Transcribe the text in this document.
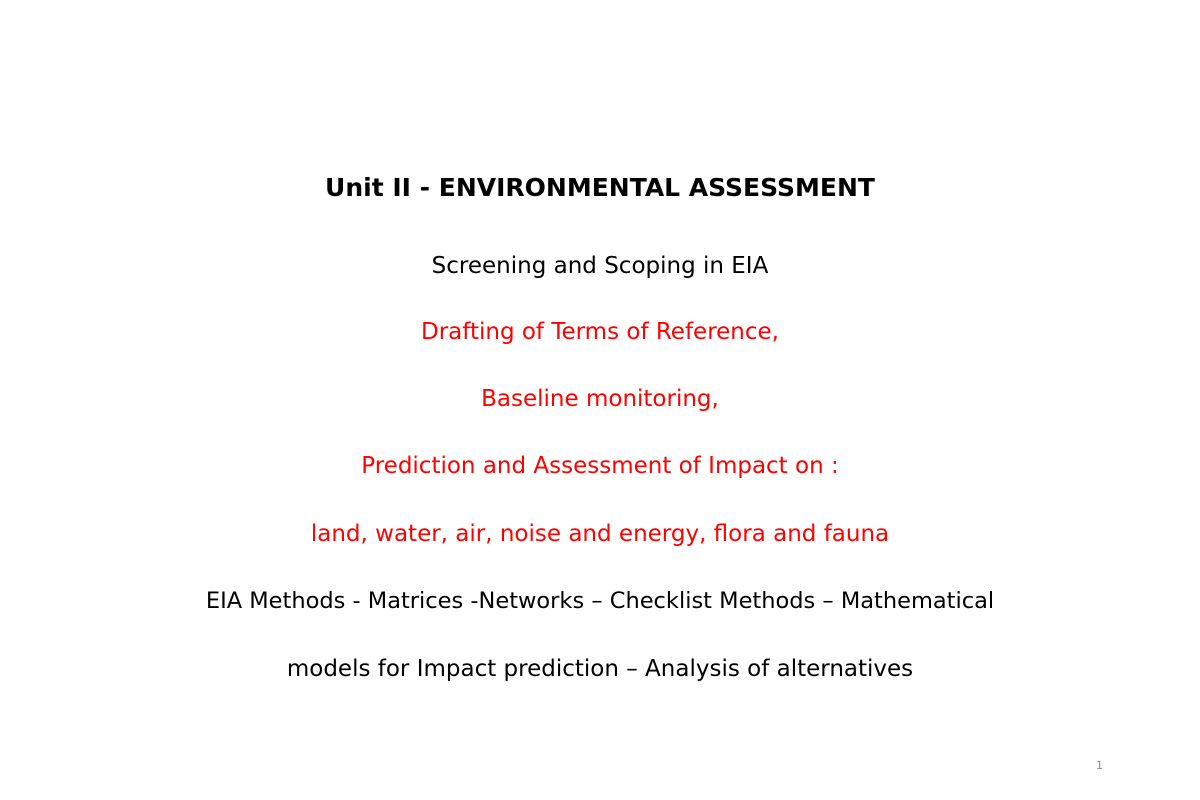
Unit II - ENVIRONMENTAL ASSESSMENT
Screening and Scoping in EIA
Drafting of Terms of Reference,
Baseline monitoring,
Prediction and Assessment of Impact on :
land, water, air, noise and energy, flora and fauna
EIA Methods - Matrices -Networks – Checklist Methods – Mathematical
models for Impact prediction – Analysis of alternatives
1
